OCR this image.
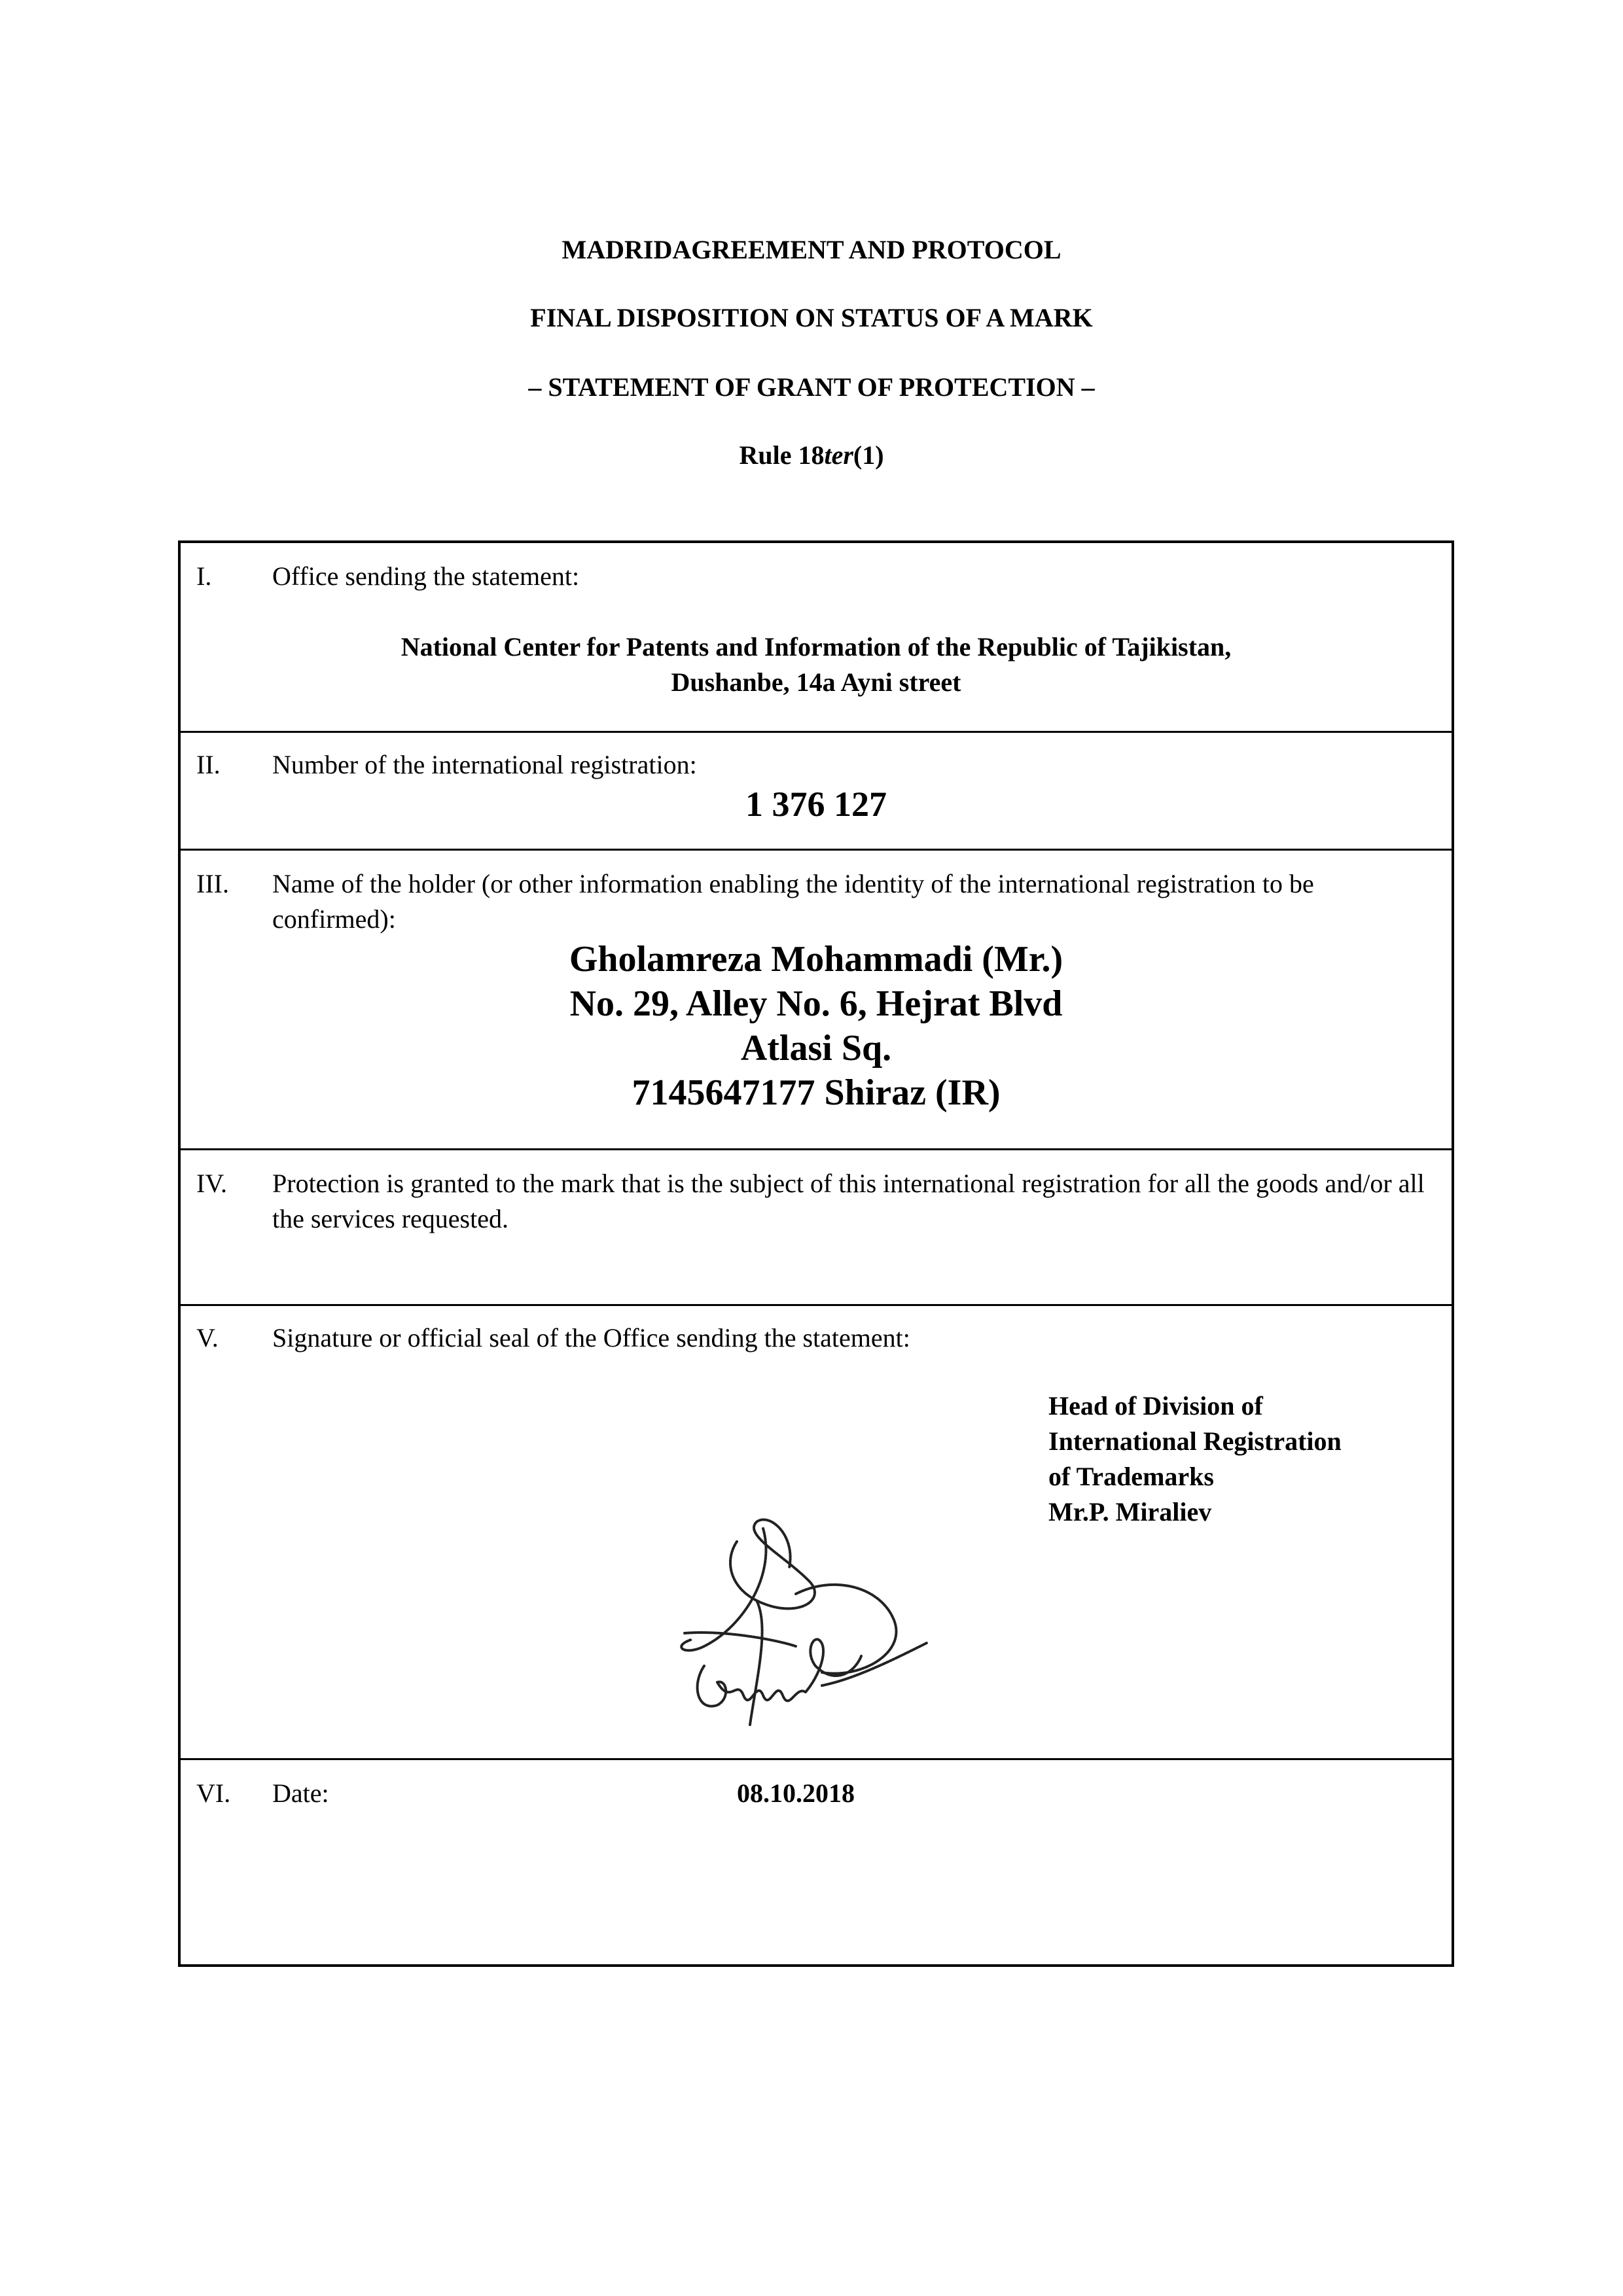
MADRIDAGREEMENT AND PROTOCOL
FINAL DISPOSITION ON STATUS OF A MARK
– STATEMENT OF GRANT OF PROTECTION –
Rule 18ter(1)
I. Office sending the statement:
National Center for Patents and Information of the Republic of Tajikistan,
Dushanbe, 14a Ayni street
II. Number of the international registration:
1 376 127
III. Name of the holder (or other information enabling the identity of the international registration to be confirmed):
Gholamreza Mohammadi (Mr.)
No. 29, Alley No. 6, Hejrat Blvd
Atlasi Sq.
7145647177 Shiraz (IR)
IV. Protection is granted to the mark that is the subject of this international registration for all the goods and/or all the services requested.
V. Signature or official seal of the Office sending the statement:
Head of Division of
International Registration
of Trademarks
Mr.P. Miraliev
VI. Date:	08.10.2018
